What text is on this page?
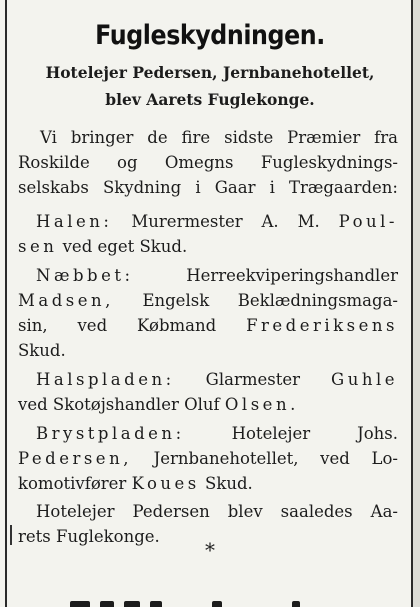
Fugleskydningen.
Hotelejer Pedersen, Jernbanehotellet,
blev Aarets Fuglekonge.
Vi bringer de fire sidste Præmier fra
Roskilde og Omegns Fugleskydnings-
selskabs Skydning i Gaar i Trægaarden:
Halen: Murermester A. M. Poul-
sen ved eget Skud.
Næbbet:	Herreekviperingshandler
Madsen, Engelsk Beklædningsmaga-
sin, ved Købmand Frederiksens
Skud.
Halspladen: Glarmester Guhle
ved Skotøjshandler Oluf Olsen.
Brystpladen:	Hotelejer Johs.
Pedersen, Jernbanehotellet, ved Lo-
komotivfører Koues Skud.
Hotelejer Pedersen blev saaledes Aa-
rets Fuglekonge.
*
